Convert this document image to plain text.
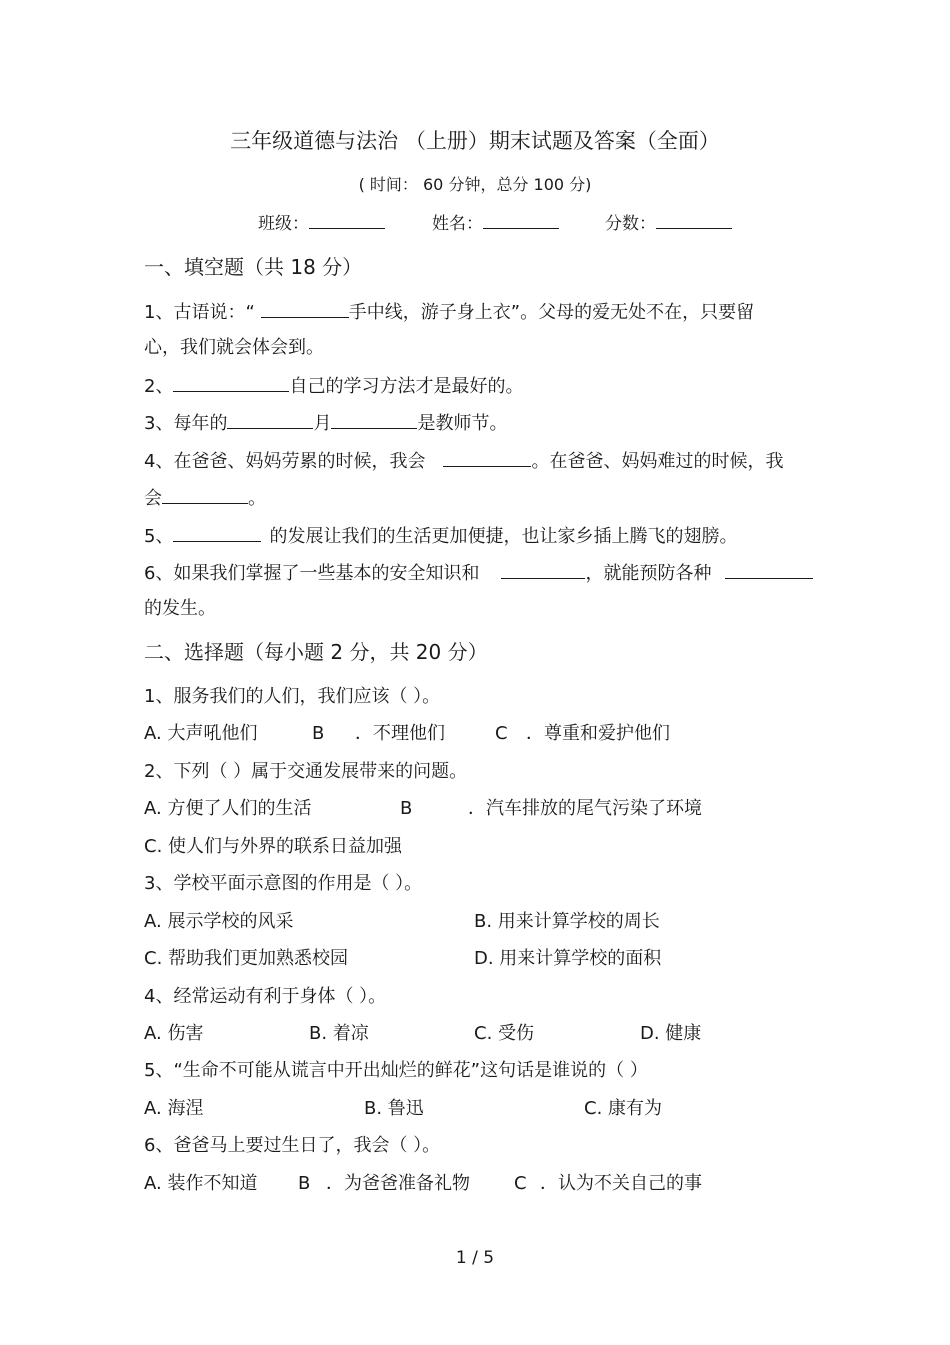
三年级道德与法治 （上册）期末试题及答案（全面）
( 时间： 60 分钟，总分 100 分)
班级：	姓名：	分数：
一、填空题（共 18 分）
1、古语说：“	手中线，游子身上衣”。父母的爱无处不在，只要留
心，我们就会体会到。
2、	自己的学习方法才是最好的。
3、每年的	月	是教师节。
4、在爸爸、妈妈劳累的时候，我会	。在爸爸、妈妈难过的时候，我
会	。
5、	的发展让我们的生活更加便捷，也让家乡插上腾飞的翅膀。
6、如果我们掌握了一些基本的安全知识和	，就能预防各种
的发生。
二、选择题（每小题 2 分，共 20 分）
1、服务我们的人们，我们应该（ ）。
A. 大声吼他们	B ．不理他们	C ．尊重和爱护他们
2、下列（ ）属于交通发展带来的问题。
A. 方便了人们的生活	B	．汽车排放的尾气污染了环境
C. 使人们与外界的联系日益加强
3、学校平面示意图的作用是（ ）。
A. 展示学校的风采	B. 用来计算学校的周长
C. 帮助我们更加熟悉校园	D. 用来计算学校的面积
4、经常运动有利于身体（ ）。
A. 伤害	B. 着凉	C. 受伤	D. 健康
5、“生命不可能从谎言中开出灿烂的鲜花”这句话是谁说的（ ）
A. 海涅	B. 鲁迅	C. 康有为
6、爸爸马上要过生日了，我会（ ）。
A. 装作不知道 B ．为爸爸准备礼物 C ．认为不关自己的事
1 / 5
